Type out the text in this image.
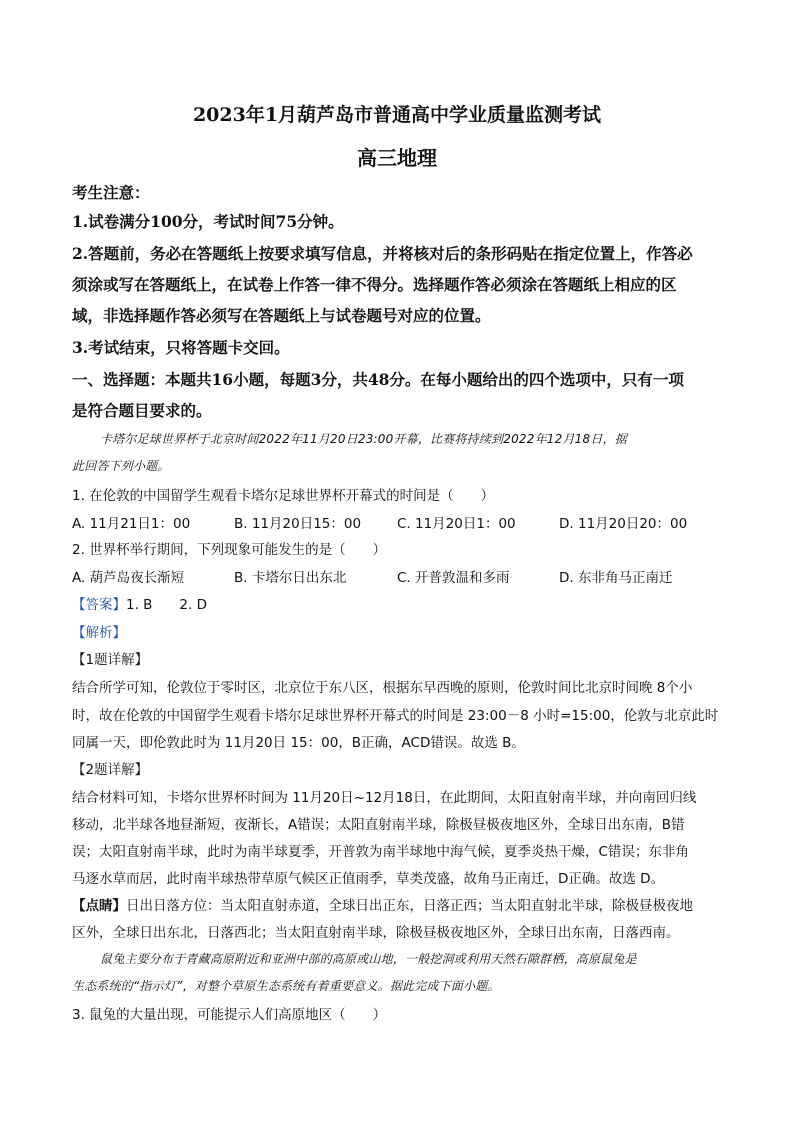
2023年1月葫芦岛市普通高中学业质量监测考试
高三地理
考生注意：
1.试卷满分100分，考试时间75分钟。
2.答题前，务必在答题纸上按要求填写信息，并将核对后的条形码贴在指定位置上，作答必
须涂或写在答题纸上，在试卷上作答一律不得分。选择题作答必须涂在答题纸上相应的区
域，非选择题作答必须写在答题纸上与试卷题号对应的位置。
3.考试结束，只将答题卡交回。
一、选择题：本题共16小题，每题3分，共48分。在每小题给出的四个选项中，只有一项
是符合题目要求的。
卡塔尔足球世界杯于北京时间2022年11月20日23:00开幕，比赛将持续到2022年12月18日，据
此回答下列小题。
1. 在伦敦的中国留学生观看卡塔尔足球世界杯开幕式的时间是（　　）
A. 11月21日1：00	B. 11月20日15：00	C. 11月20日1：00	D. 11月20日20：00
2. 世界杯举行期间，下列现象可能发生的是（　　）
A. 葫芦岛夜长渐短	B. 卡塔尔日出东北	C. 开普敦温和多雨	D. 东非角马正南迁
【答案】1. B　　2. D
【解析】
【1题详解】
结合所学可知，伦敦位于零时区，北京位于东八区，根据东早西晚的原则，伦敦时间比北京时间晚 8个小
时，故在伦敦的中国留学生观看卡塔尔足球世界杯开幕式的时间是 23:00－8 小时=15:00，伦敦与北京此时
同属一天，即伦敦此时为 11月20日 15：00，B正确，ACD错误。故选 B。
【2题详解】
结合材料可知，卡塔尔世界杯时间为 11月20日~12月18日，在此期间，太阳直射南半球，并向南回归线
移动，北半球各地昼渐短，夜渐长，A错误；太阳直射南半球，除极昼极夜地区外，全球日出东南，B错
误；太阳直射南半球，此时为南半球夏季，开普敦为南半球地中海气候，夏季炎热干燥，C错误；东非角
马逐水草而居，此时南半球热带草原气候区正值雨季，草类茂盛，故角马正南迁，D正确。故选 D。
【点睛】日出日落方位：当太阳直射赤道，全球日出正东，日落正西；当太阳直射北半球，除极昼极夜地
区外，全球日出东北，日落西北；当太阳直射南半球，除极昼极夜地区外，全球日出东南，日落西南。
鼠兔主要分布于青藏高原附近和亚洲中部的高原或山地，一般挖洞或利用天然石隙群栖，高原鼠兔是
生态系统的“指示灯”，对整个草原生态系统有着重要意义。据此完成下面小题。
3. 鼠兔的大量出现，可能提示人们高原地区（　　）
